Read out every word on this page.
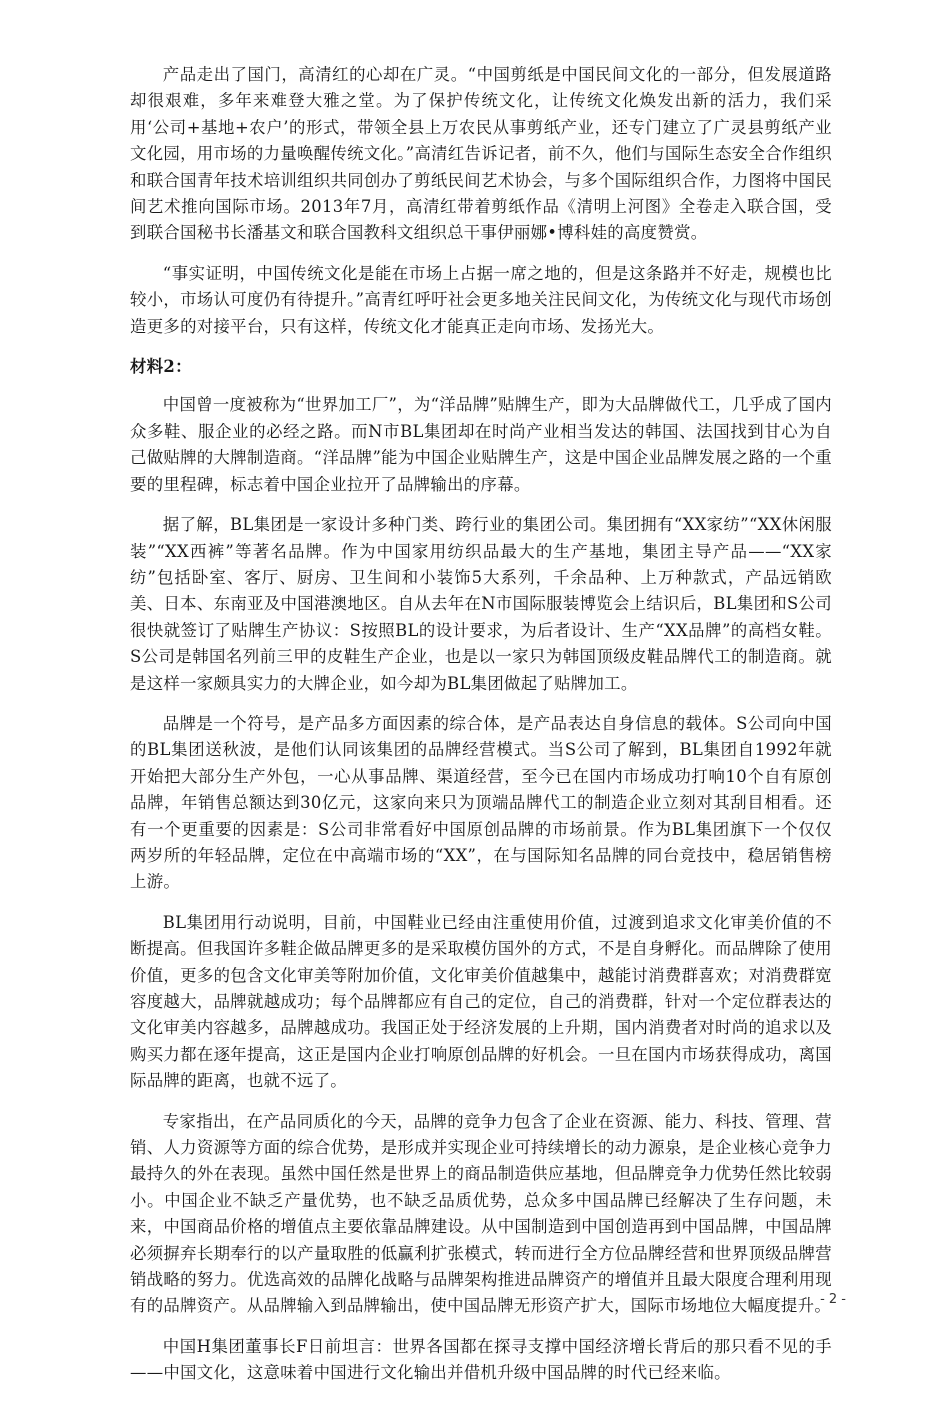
产品走出了国门，高清红的心却在广灵。“中国剪纸是中国民间文化的一部分，但发展道路却很艰难，多年来难登大雅之堂。为了保护传统文化，让传统文化焕发出新的活力，我们采用‘公司+基地+农户’的形式，带领全县上万农民从事剪纸产业，还专门建立了广灵县剪纸产业文化园，用市场的力量唤醒传统文化。”高清红告诉记者，前不久，他们与国际生态安全合作组织和联合国青年技术培训组织共同创办了剪纸民间艺术协会，与多个国际组织合作，力图将中国民间艺术推向国际市场。2013年7月，高清红带着剪纸作品《清明上河图》全卷走入联合国，受到联合国秘书长潘基文和联合国教科文组织总干事伊丽娜•博科娃的高度赞赏。

“事实证明，中国传统文化是能在市场上占据一席之地的，但是这条路并不好走，规模也比较小，市场认可度仍有待提升。”高青红呼吁社会更多地关注民间文化，为传统文化与现代市场创造更多的对接平台，只有这样，传统文化才能真正走向市场、发扬光大。

材料2：

中国曾一度被称为“世界加工厂”，为“洋品牌”贴牌生产，即为大品牌做代工，几乎成了国内众多鞋、服企业的必经之路。而N市BL集团却在时尚产业相当发达的韩国、法国找到甘心为自己做贴牌的大牌制造商。“洋品牌”能为中国企业贴牌生产，这是中国企业品牌发展之路的一个重要的里程碑，标志着中国企业拉开了品牌输出的序幕。

据了解，BL集团是一家设计多种门类、跨行业的集团公司。集团拥有“XX家纺”“XX休闲服装”“XX西裤”等著名品牌。作为中国家用纺织品最大的生产基地，集团主导产品——“XX家纺”包括卧室、客厅、厨房、卫生间和小装饰5大系列，千余品种、上万种款式，产品远销欧美、日本、东南亚及中国港澳地区。自从去年在N市国际服装博览会上结识后，BL集团和S公司很快就签订了贴牌生产协议：S按照BL的设计要求，为后者设计、生产“XX品牌”的高档女鞋。S公司是韩国名列前三甲的皮鞋生产企业，也是以一家只为韩国顶级皮鞋品牌代工的制造商。就是这样一家颇具实力的大牌企业，如今却为BL集团做起了贴牌加工。

品牌是一个符号，是产品多方面因素的综合体，是产品表达自身信息的载体。S公司向中国的BL集团送秋波，是他们认同该集团的品牌经营模式。当S公司了解到，BL集团自1992年就开始把大部分生产外包，一心从事品牌、渠道经营，至今已在国内市场成功打响10个自有原创品牌，年销售总额达到30亿元，这家向来只为顶端品牌代工的制造企业立刻对其刮目相看。还有一个更重要的因素是：S公司非常看好中国原创品牌的市场前景。作为BL集团旗下一个仅仅两岁所的年轻品牌，定位在中高端市场的“XX”，在与国际知名品牌的同台竞技中，稳居销售榜上游。

BL集团用行动说明，目前，中国鞋业已经由注重使用价值，过渡到追求文化审美价值的不断提高。但我国许多鞋企做品牌更多的是采取模仿国外的方式，不是自身孵化。而品牌除了使用价值，更多的包含文化审美等附加价值，文化审美价值越集中，越能讨消费群喜欢；对消费群宽容度越大，品牌就越成功；每个品牌都应有自己的定位，自己的消费群，针对一个定位群表达的文化审美内容越多，品牌越成功。我国正处于经济发展的上升期，国内消费者对时尚的追求以及购买力都在逐年提高，这正是国内企业打响原创品牌的好机会。一旦在国内市场获得成功，离国际品牌的距离，也就不远了。

专家指出，在产品同质化的今天，品牌的竞争力包含了企业在资源、能力、科技、管理、营销、人力资源等方面的综合优势，是形成并实现企业可持续增长的动力源泉，是企业核心竞争力最持久的外在表现。虽然中国任然是世界上的商品制造供应基地，但品牌竞争力优势任然比较弱小。中国企业不缺乏产量优势，也不缺乏品质优势，总众多中国品牌已经解决了生存问题，未来，中国商品价格的增值点主要依靠品牌建设。从中国制造到中国创造再到中国品牌，中国品牌必须摒弃长期奉行的以产量取胜的低赢利扩张模式，转而进行全方位品牌经营和世界顶级品牌营销战略的努力。优选高效的品牌化战略与品牌架构推进品牌资产的增值并且最大限度合理利用现有的品牌资产。从品牌输入到品牌输出，使中国品牌无形资产扩大，国际市场地位大幅度提升。

中国H集团董事长F日前坦言：世界各国都在探寻支撑中国经济增长背后的那只看不见的手——中国文化，这意味着中国进行文化输出并借机升级中国品牌的时代已经来临。

- 2 -
